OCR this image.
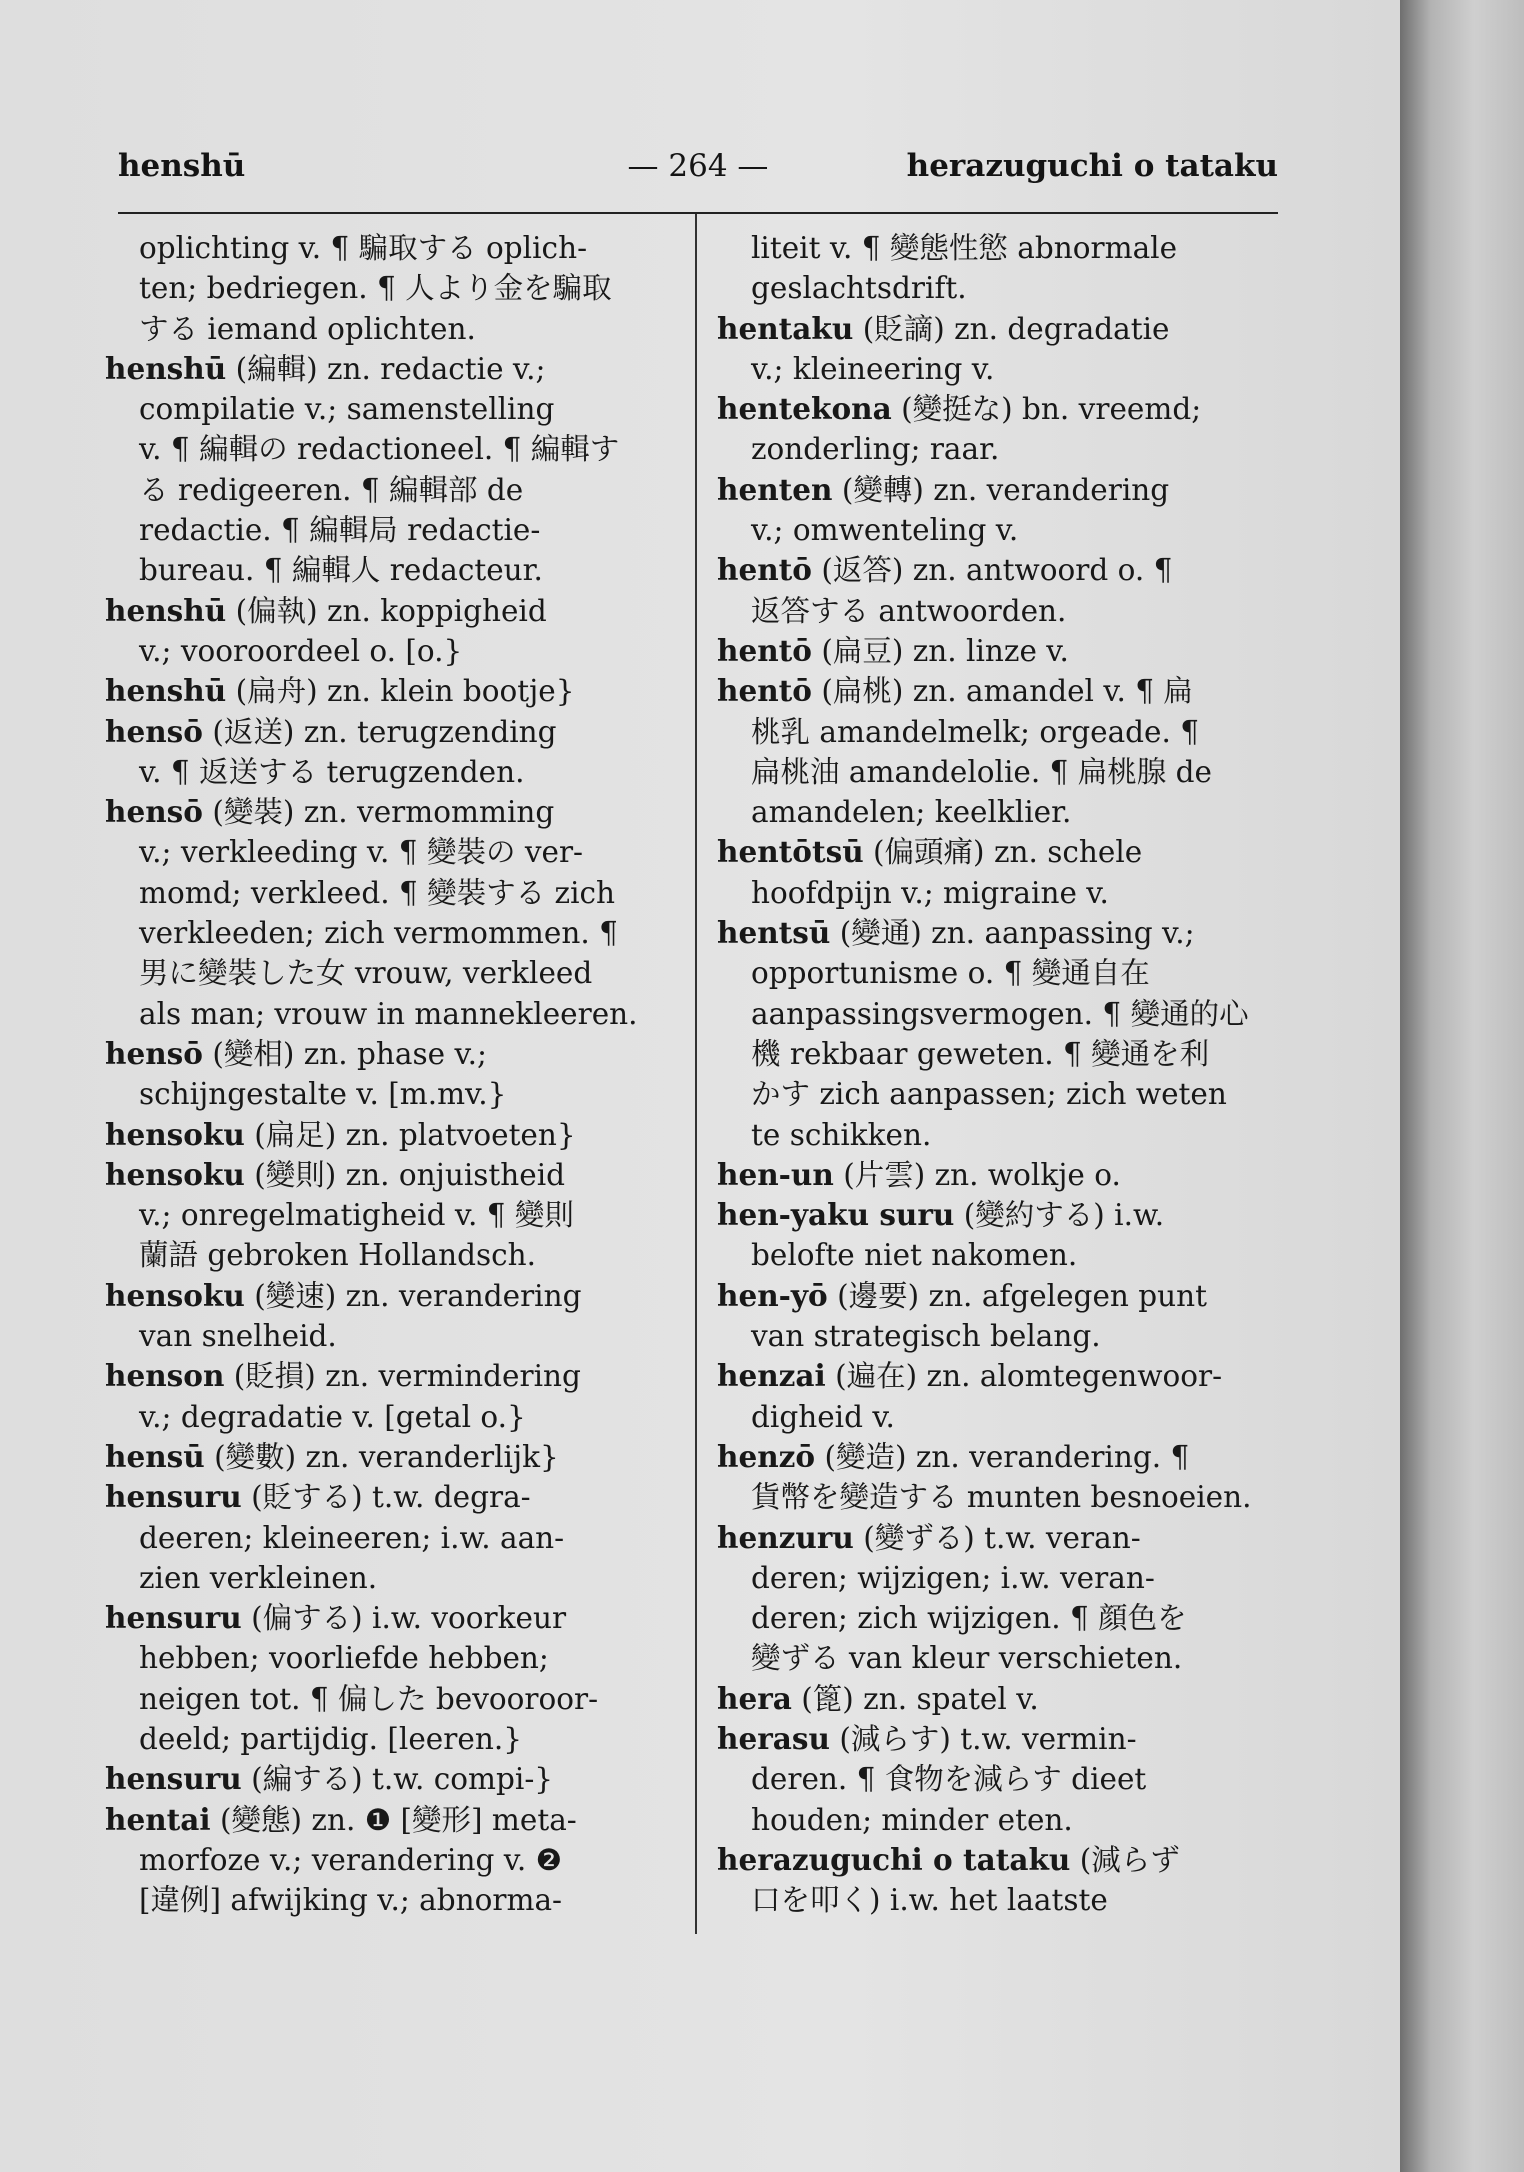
henshū	— 264 —	herazuguchi o tataku
oplichting v. ¶ 騙取する oplich-
ten; bedriegen. ¶ 人より金を騙取
する iemand oplichten.
henshū (編輯) zn. redactie v.;
compilatie v.; samenstelling
v. ¶ 編輯の redactioneel. ¶ 編輯す
る redigeeren. ¶ 編輯部 de
redactie. ¶ 編輯局 redactie-
bureau. ¶ 編輯人 redacteur.
henshū (偏執) zn. koppigheid
v.; vooroordeel o. [o.}
henshū (扁舟) zn. klein bootje}
hensō (返送) zn. terugzending
v. ¶ 返送する terugzenden.
hensō (變裝) zn. vermomming
v.; verkleeding v. ¶ 變裝の ver-
momd; verkleed. ¶ 變裝する zich
verkleeden; zich vermommen. ¶
男に變裝した女 vrouw, verkleed
als man; vrouw in mannekleeren.
hensō (變相) zn. phase v.;
schijngestalte v. [m.mv.}
hensoku (扁足) zn. platvoeten}
hensoku (變則) zn. onjuistheid
v.; onregelmatigheid v. ¶ 變則
蘭語 gebroken Hollandsch.
hensoku (變速) zn. verandering
van snelheid.
henson (貶損) zn. vermindering
v.; degradatie v. [getal o.}
hensū (變數) zn. veranderlijk}
hensuru (貶する) t.w. degra-
deeren; kleineeren; i.w. aan-
zien verkleinen.
hensuru (偏する) i.w. voorkeur
hebben; voorliefde hebben;
neigen tot. ¶ 偏した bevooroor-
deeld; partijdig. [leeren.}
hensuru (編する) t.w. compi-}
hentai (變態) zn. ❶ [變形] meta-
morfoze v.; verandering v. ❷
[違例] afwijking v.; abnorma-
liteit v. ¶ 變態性慾 abnormale
geslachtsdrift.
hentaku (貶謫) zn. degradatie
v.; kleineering v.
hentekona (變挺な) bn. vreemd;
zonderling; raar.
henten (變轉) zn. verandering
v.; omwenteling v.
hentō (返答) zn. antwoord o. ¶
返答する antwoorden.
hentō (扁豆) zn. linze v.
hentō (扁桃) zn. amandel v. ¶ 扁
桃乳 amandelmelk; orgeade. ¶
扁桃油 amandelolie. ¶ 扁桃腺 de
amandelen; keelklier.
hentōtsū (偏頭痛) zn. schele
hoofdpijn v.; migraine v.
hentsū (變通) zn. aanpassing v.;
opportunisme o. ¶ 變通自在
aanpassingsvermogen. ¶ 變通的心
機 rekbaar geweten. ¶ 變通を利
かす zich aanpassen; zich weten
te schikken.
hen-un (片雲) zn. wolkje o.
hen-yaku suru (變約する) i.w.
belofte niet nakomen.
hen-yō (邊要) zn. afgelegen punt
van strategisch belang.
henzai (遍在) zn. alomtegenwoor-
digheid v.
henzō (變造) zn. verandering. ¶
貨幣を變造する munten besnoeien.
henzuru (變ずる) t.w. veran-
deren; wijzigen; i.w. veran-
deren; zich wijzigen. ¶ 顔色を
變ずる van kleur verschieten.
hera (篦) zn. spatel v.
herasu (減らす) t.w. vermin-
deren. ¶ 食物を減らす dieet
houden; minder eten.
herazuguchi o tataku (減らず
口を叩く) i.w. het laatste
